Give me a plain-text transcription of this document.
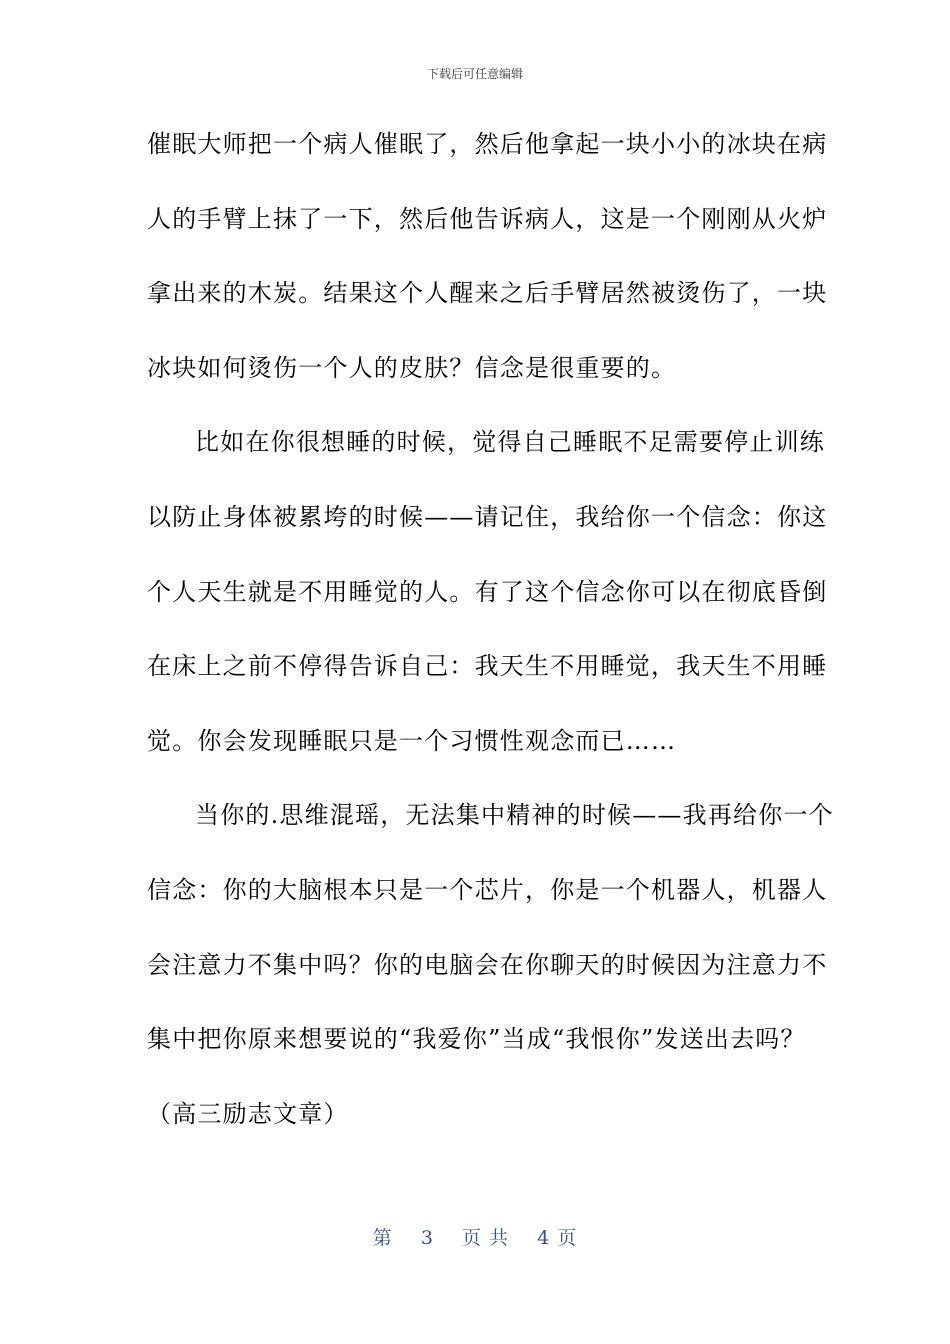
下载后可任意编辑
催眠大师把一个病人催眠了，然后他拿起一块小小的冰块在病
人的手臂上抹了一下，然后他告诉病人，这是一个刚刚从火炉
拿出来的木炭。结果这个人醒来之后手臂居然被烫伤了，一块
冰块如何烫伤一个人的皮肤？信念是很重要的。
比如在你很想睡的时候，觉得自己睡眠不足需要停止训练
以防止身体被累垮的时候——请记住，我给你一个信念：你这
个人天生就是不用睡觉的人。有了这个信念你可以在彻底昏倒
在床上之前不停得告诉自己：我天生不用睡觉，我天生不用睡
觉。你会发现睡眠只是一个习惯性观念而已……
当你的.思维混瑶，无法集中精神的时候——我再给你一个
信念：你的大脑根本只是一个芯片，你是一个机器人，机器人
会注意力不集中吗？你的电脑会在你聊天的时候因为注意力不
集中把你原来想要说的“我爱你”当成“我恨你”发送出去吗？
（高三励志文章）
第 3 页 共 4 页
